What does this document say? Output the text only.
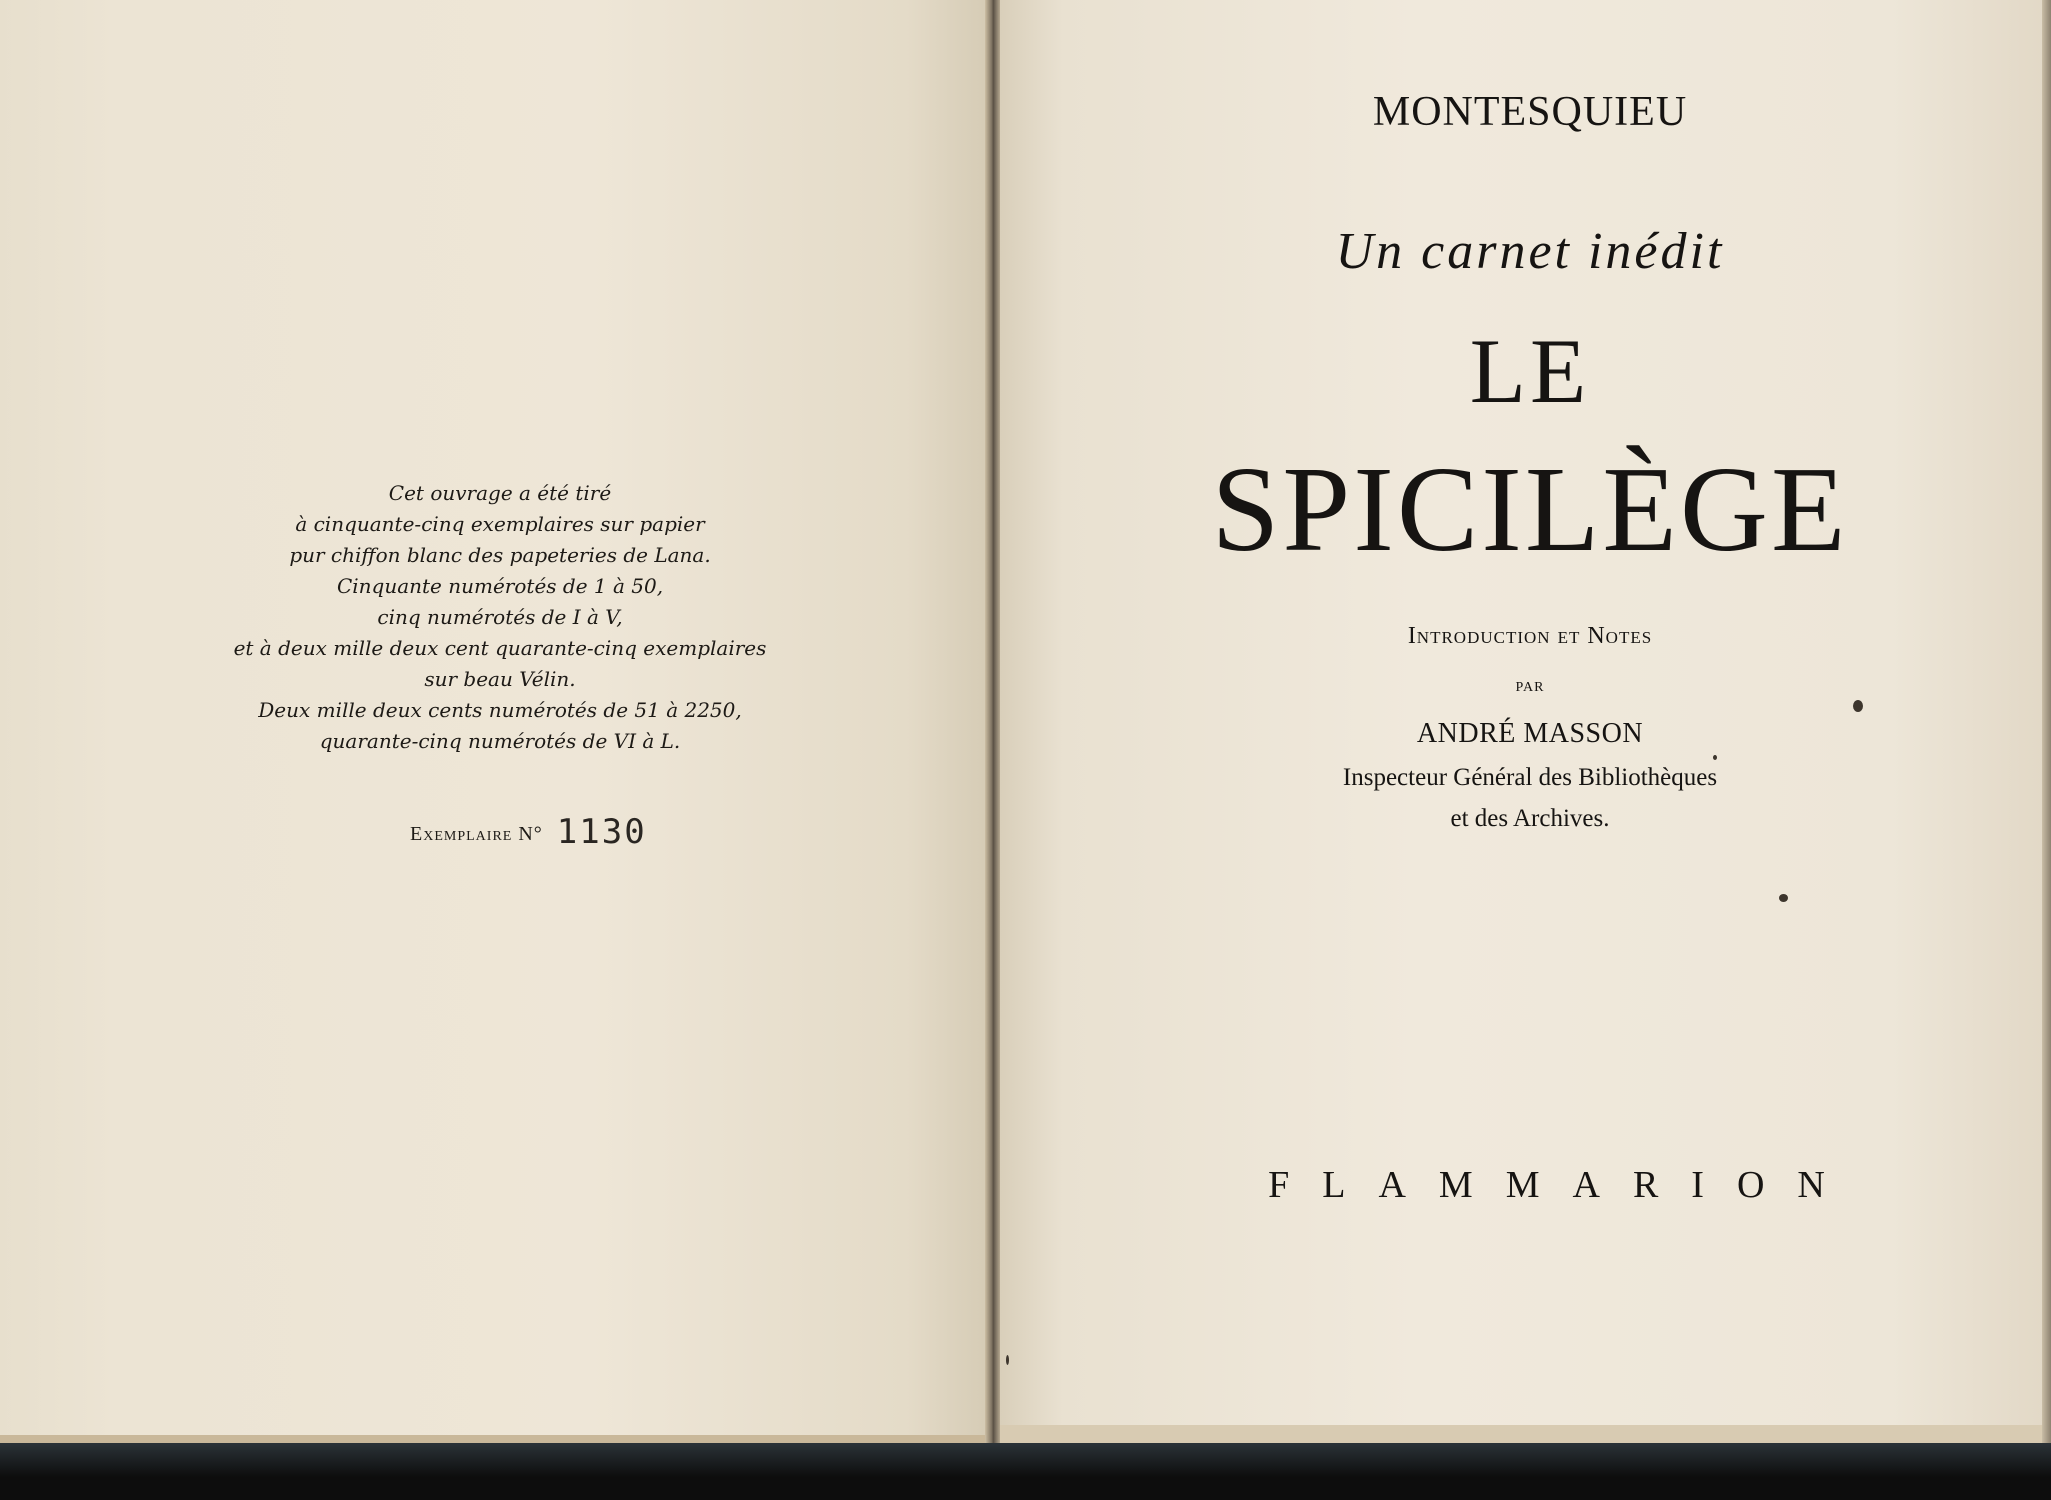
Cet ouvrage a été tiré
à cinquante-cinq exemplaires sur papier
pur chiffon blanc des papeteries de Lana.
Cinquante numérotés de 1 à 50,
cinq numérotés de I à V,
et à deux mille deux cent quarante-cinq exemplaires
sur beau Vélin.
Deux mille deux cents numérotés de 51 à 2250,
quarante-cinq numérotés de VI à L.
Exemplaire N° 1130
MONTESQUIEU
Un carnet inédit
LE
SPICILÈGE
Introduction et Notes
par
ANDRÉ MASSON
Inspecteur Général des Bibliothèques
et des Archives.
FLAMMARION
